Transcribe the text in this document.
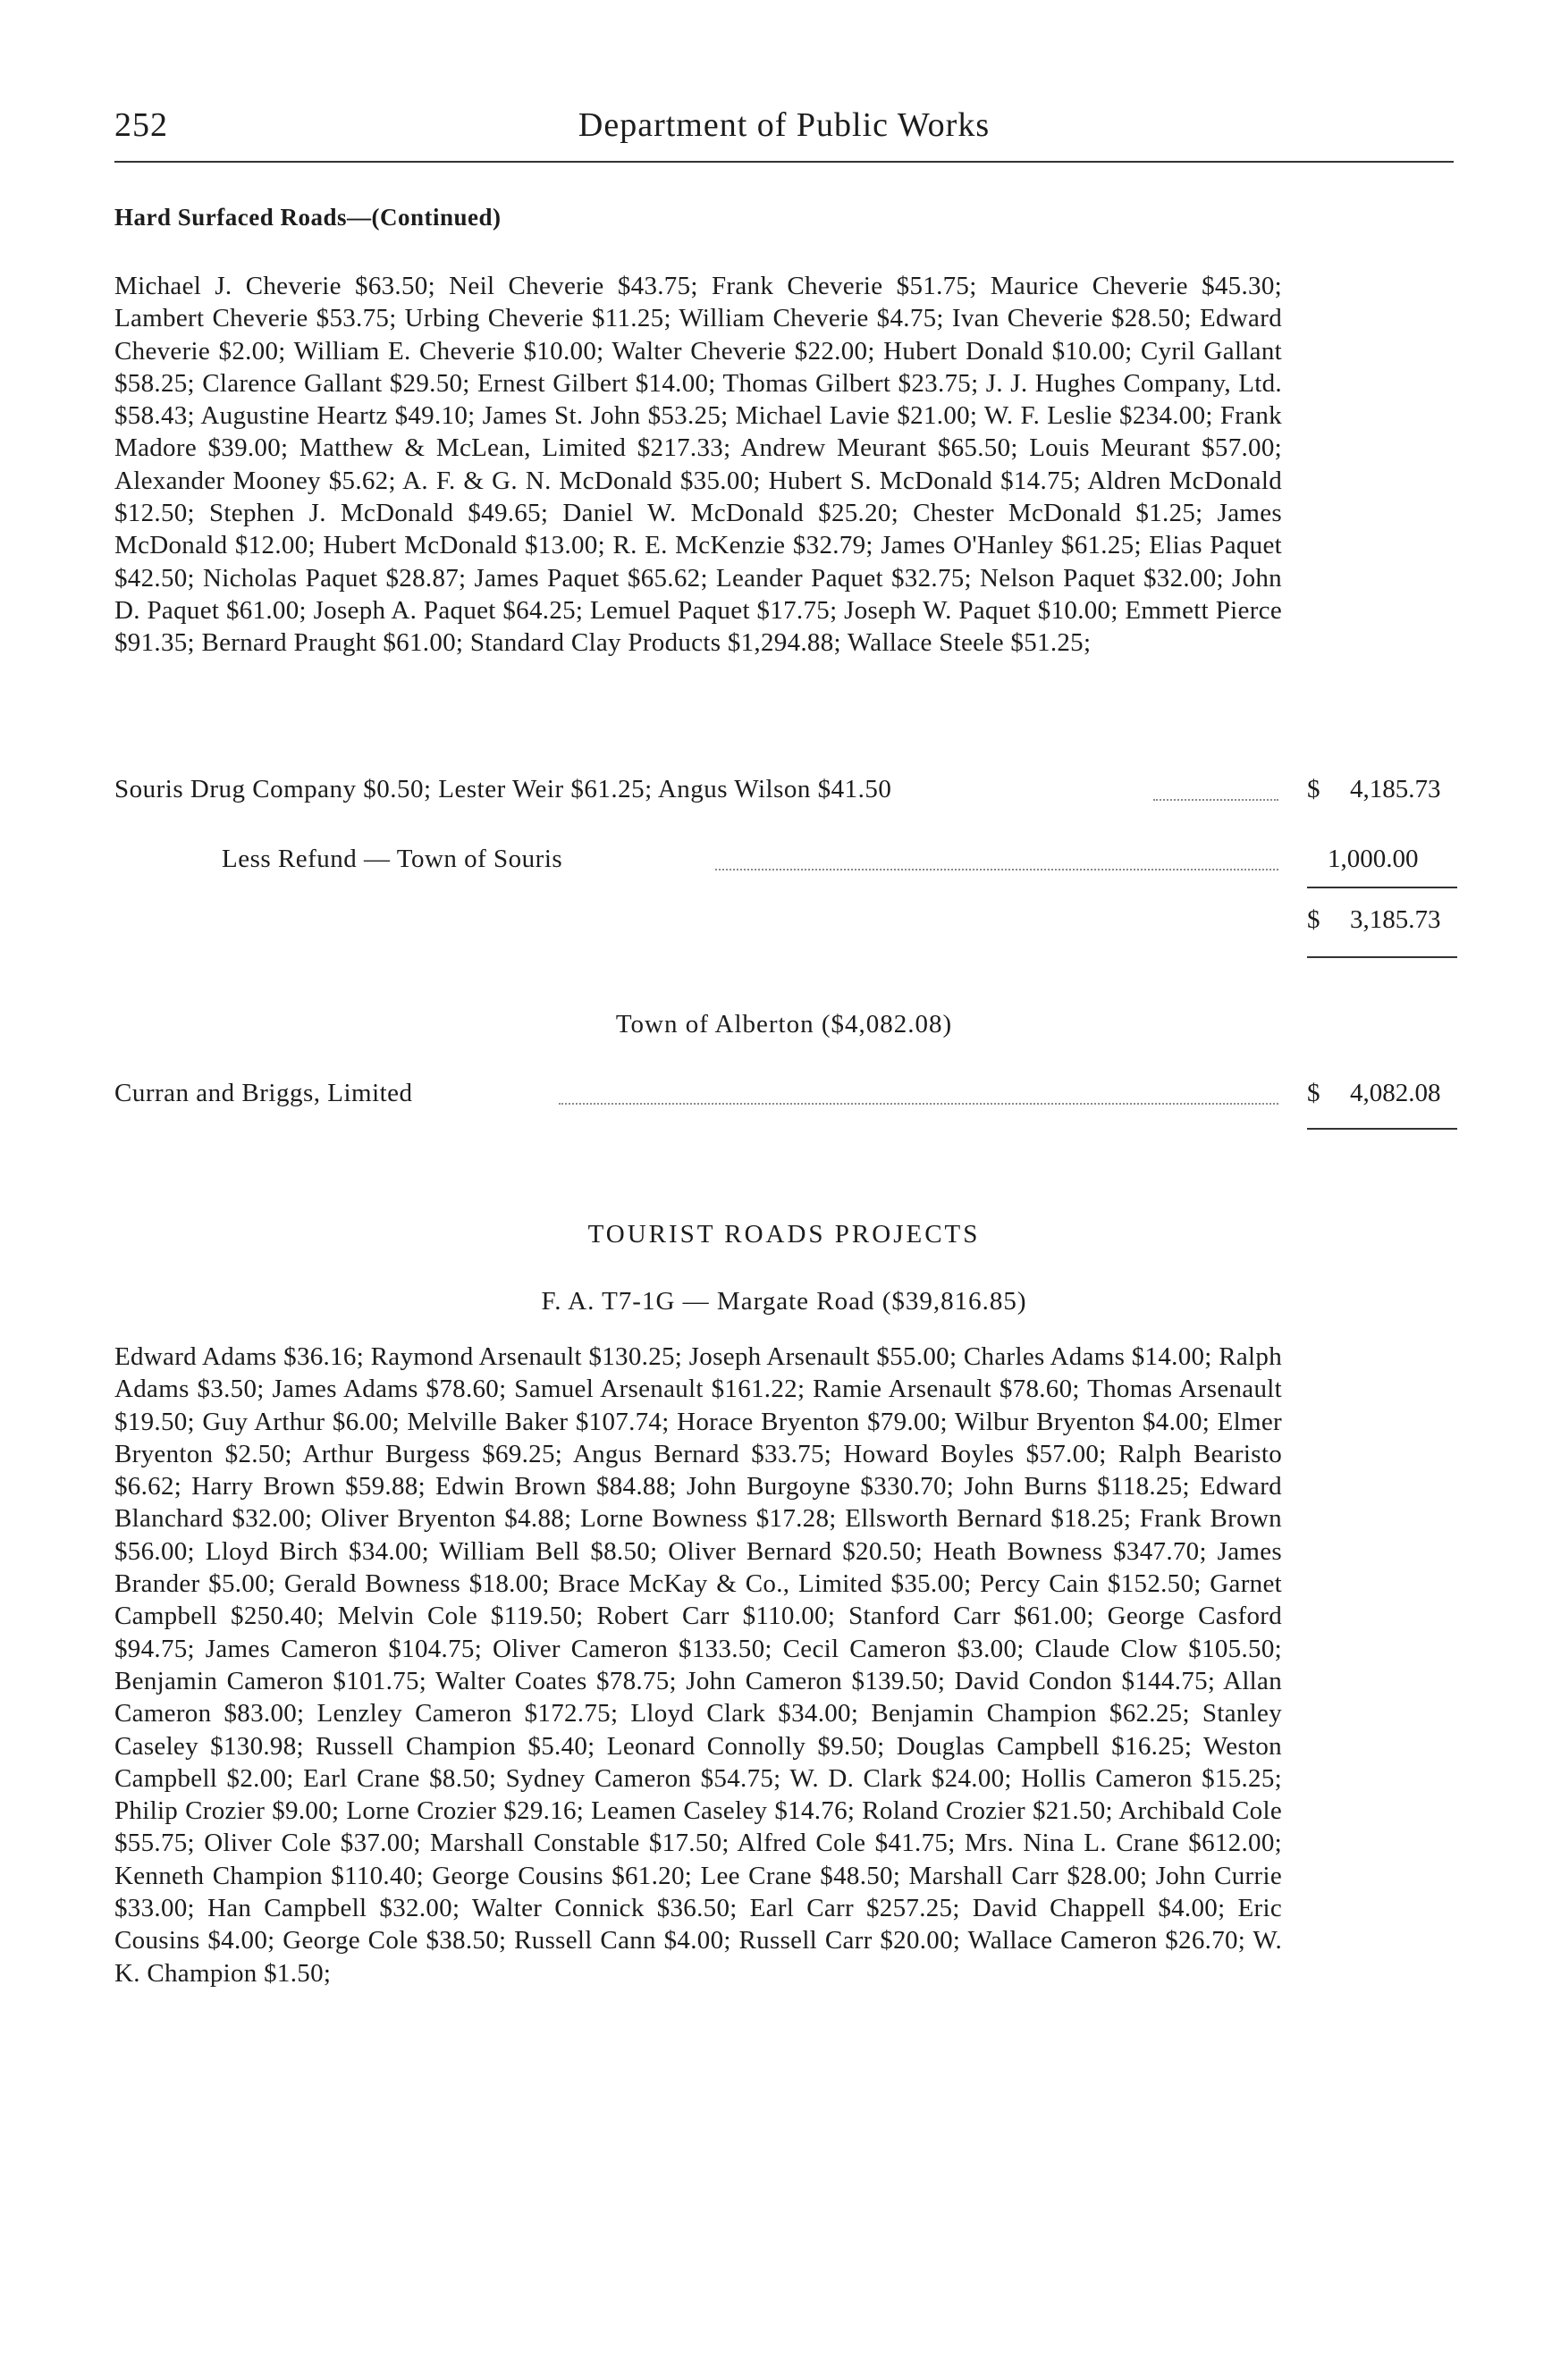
252	Department of Public Works
Hard Surfaced Roads—(Continued)
Michael J. Cheverie $63.50; Neil Cheverie $43.75; Frank Cheverie $51.75; Maurice Cheverie $45.30; Lambert Cheverie $53.75; Urbing Cheverie $11.25; William Cheverie $4.75; Ivan Cheverie $28.50; Edward Cheverie $2.00; William E. Cheverie $10.00; Walter Cheverie $22.00; Hubert Donald $10.00; Cyril Gallant $58.25; Clarence Gallant $29.50; Ernest Gilbert $14.00; Thomas Gilbert $23.75; J. J. Hughes Company, Ltd. $58.43; Augustine Heartz $49.10; James St. John $53.25; Michael Lavie $21.00; W. F. Leslie $234.00; Frank Madore $39.00; Matthew & McLean, Limited $217.33; Andrew Meurant $65.50; Louis Meurant $57.00; Alexander Mooney $5.62; A. F. & G. N. McDonald $35.00; Hubert S. McDonald $14.75; Aldren McDonald $12.50; Stephen J. McDonald $49.65; Daniel W. McDonald $25.20; Chester McDonald $1.25; James McDonald $12.00; Hubert McDonald $13.00; R. E. McKenzie $32.79; James O'Hanley $61.25; Elias Paquet $42.50; Nicholas Paquet $28.87; James Paquet $65.62; Leander Paquet $32.75; Nelson Paquet $32.00; John D. Paquet $61.00; Joseph A. Paquet $64.25; Lemuel Paquet $17.75; Joseph W. Paquet $10.00; Emmett Pierce $91.35; Bernard Praught $61.00; Standard Clay Products $1,294.88; Wallace Steele $51.25;
Souris Drug Company $0.50; Lester Weir $61.25; Angus Wilson $41.50	$ 4,185.73
Less Refund — Town of Souris	1,000.00
$ 3,185.73
Town of Alberton ($4,082.08)
Curran and Briggs, Limited	$ 4,082.08
TOURIST ROADS PROJECTS
F. A. T7-1G — Margate Road ($39,816.85)
Edward Adams $36.16; Raymond Arsenault $130.25; Joseph Arsenault $55.00; Charles Adams $14.00; Ralph Adams $3.50; James Adams $78.60; Samuel Arsenault $161.22; Ramie Arsenault $78.60; Thomas Arsenault $19.50; Guy Arthur $6.00; Melville Baker $107.74; Horace Bryenton $79.00; Wilbur Bryenton $4.00; Elmer Bryenton $2.50; Arthur Burgess $69.25; Angus Bernard $33.75; Howard Boyles $57.00; Ralph Bearisto $6.62; Harry Brown $59.88; Edwin Brown $84.88; John Burgoyne $330.70; John Burns $118.25; Edward Blanchard $32.00; Oliver Bryenton $4.88; Lorne Bowness $17.28; Ellsworth Bernard $18.25; Frank Brown $56.00; Lloyd Birch $34.00; William Bell $8.50; Oliver Bernard $20.50; Heath Bowness $347.70; James Brander $5.00; Gerald Bowness $18.00; Brace McKay & Co., Limited $35.00; Percy Cain $152.50; Garnet Campbell $250.40; Melvin Cole $119.50; Robert Carr $110.00; Stanford Carr $61.00; George Casford $94.75; James Cameron $104.75; Oliver Cameron $133.50; Cecil Cameron $3.00; Claude Clow $105.50; Benjamin Cameron $101.75; Walter Coates $78.75; John Cameron $139.50; David Condon $144.75; Allan Cameron $83.00; Lenzley Cameron $172.75; Lloyd Clark $34.00; Benjamin Champion $62.25; Stanley Caseley $130.98; Russell Champion $5.40; Leonard Connolly $9.50; Douglas Campbell $16.25; Weston Campbell $2.00; Earl Crane $8.50; Sydney Cameron $54.75; W. D. Clark $24.00; Hollis Cameron $15.25; Philip Crozier $9.00; Lorne Crozier $29.16; Leamen Caseley $14.76; Roland Crozier $21.50; Archibald Cole $55.75; Oliver Cole $37.00; Marshall Constable $17.50; Alfred Cole $41.75; Mrs. Nina L. Crane $612.00; Kenneth Champion $110.40; George Cousins $61.20; Lee Crane $48.50; Marshall Carr $28.00; John Currie $33.00; Han Campbell $32.00; Walter Connick $36.50; Earl Carr $257.25; David Chappell $4.00; Eric Cousins $4.00; George Cole $38.50; Russell Cann $4.00; Russell Carr $20.00; Wallace Cameron $26.70; W. K. Champion $1.50;
